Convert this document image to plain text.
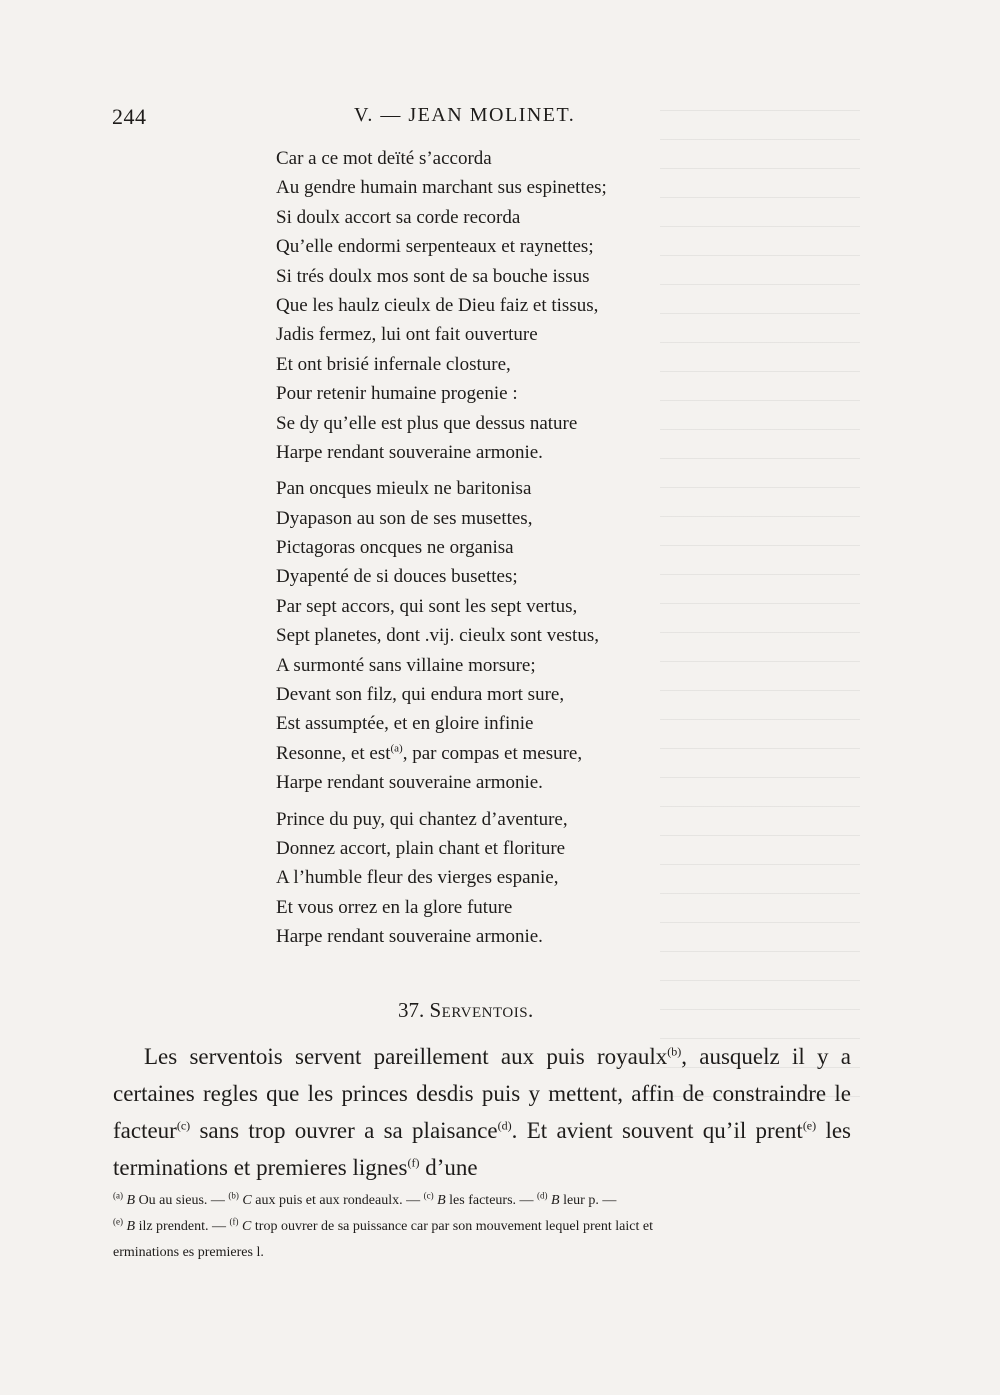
244	V. — JEAN MOLINET.
Car a ce mot deïté s’accorda
Au gendre humain marchant sus espinettes;
Si doulx accort sa corde recorda
Qu’elle endormi serpenteaux et raynettes;
Si trés doulx mos sont de sa bouche issus
Que les haulz cieulx de Dieu faiz et tissus,
Jadis fermez, lui ont fait ouverture
Et ont brisié infernale closture,
Pour retenir humaine progenie :
Se dy qu’elle est plus que dessus nature
Harpe rendant souveraine armonie.
Pan oncques mieulx ne baritonisa
Dyapason au son de ses musettes,
Pictagoras oncques ne organisa
Dyapenté de si douces busettes;
Par sept accors, qui sont les sept vertus,
Sept planetes, dont .vij. cieulx sont vestus,
A surmonté sans villaine morsure;
Devant son filz, qui endura mort sure,
Est assumptée, et en gloire infinie
Resonne, et est$^{(a)}$, par compas et mesure,
Harpe rendant souveraine armonie.
Prince du puy, qui chantez d’aventure,
Donnez accort, plain chant et floriture
A l’humble fleur des vierges espanie,
Et vous orrez en la glore future
Harpe rendant souveraine armonie.
37. Serventois.
Les serventois servent pareillement aux puis royaulx$^{(b)}$, ausquelz il y a certaines regles que les princes desdis puis y mettent, affin de constraindre le facteur$^{(c)}$ sans trop ouvrer a sa plaisance$^{(d)}$. Et avient souvent qu’il prent$^{(e)}$ les terminations et premieres lignes$^{(f)}$ d’une
$^{(a)}$ B Ou au sieus. — $^{(b)}$ C aux puis et aux rondeaulx. — $^{(c)}$ B les facteurs. — $^{(d)}$ B leur p. —
$^{(e)}$ B ilz prendent. — $^{(f)}$ C trop ouvrer de sa puissance car par son mouvement lequel prent laict et
erminations es premieres l.
